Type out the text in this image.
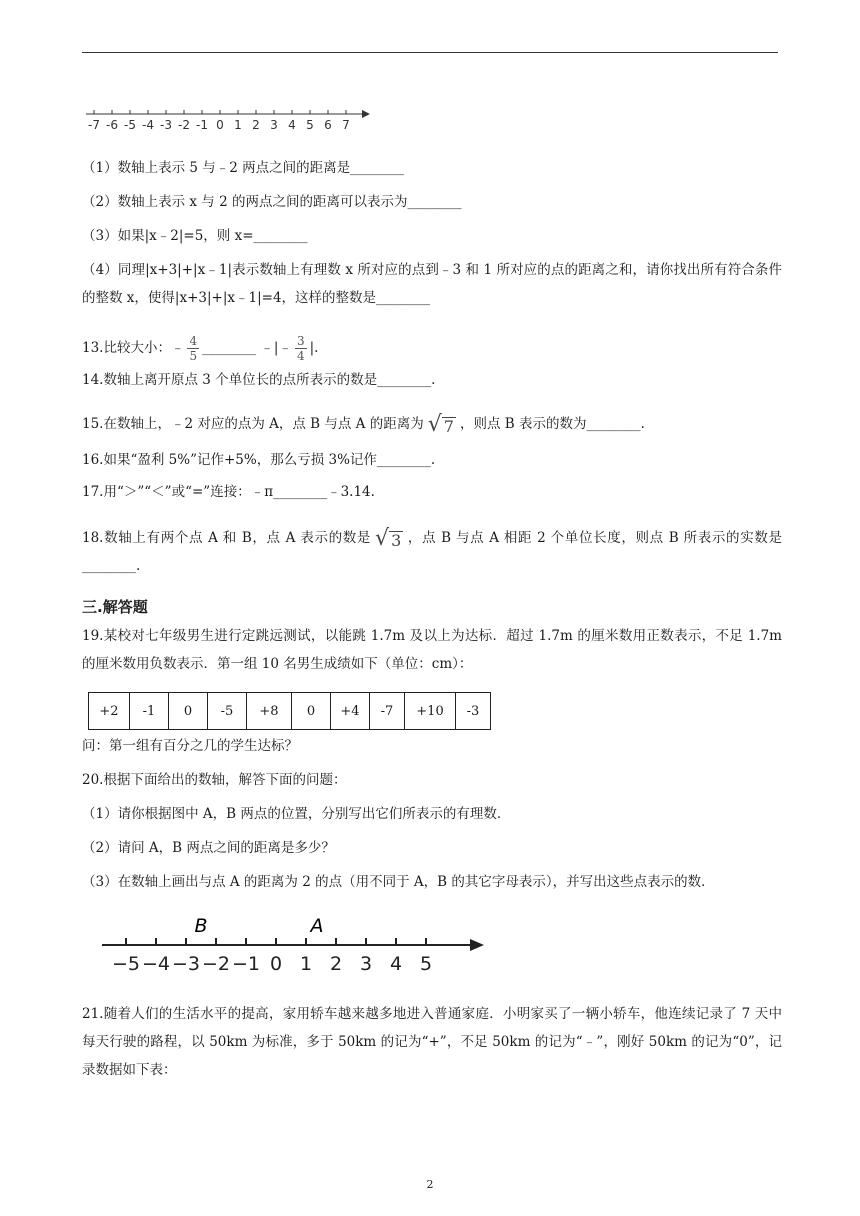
-7 -6 -5 -4 -3 -2 -1 0 1 2 3 4 5 6 7
（1）数轴上表示 5 与﹣2 两点之间的距离是________
（2）数轴上表示 x 与 2 的两点之间的距离可以表示为________
（3）如果|x﹣2|=5，则 x=________
（4）同理|x+3|+|x﹣1|表示数轴上有理数 x 所对应的点到﹣3 和 1 所对应的点的距离之和，请你找出所有符合条件的整数 x，使得|x+3|+|x﹣1|=4，这样的整数是________
13.比较大小：﹣ $\frac{4}{5}$ ________ ﹣|﹣ $\frac{3}{4}$ |.
14.数轴上离开原点 3 个单位长的点所表示的数是________.
15.在数轴上，﹣2 对应的点为 A，点 B 与点 A 的距离为 √ 7 ，则点 B 表示的数为________.
16.如果“盈利 5%”记作+5%，那么亏损 3%记作________.
17.用“＞”“＜”或“=”连接：﹣π________﹣3.14.
18.数轴上有两个点 A 和 B，点 A 表示的数是 √ 3 ，点 B 与点 A 相距 2 个单位长度，则点 B 所表示的实数是________.
三.解答题
19.某校对七年级男生进行定跳远测试，以能跳 1.7m 及以上为达标．超过 1.7m 的厘米数用正数表示，不足 1.7m 的厘米数用负数表示．第一组 10 名男生成绩如下（单位：cm）：
+2	-1	0	-5	+8	0	+4	-7	+10	-3
问：第一组有百分之几的学生达标？
20.根据下面给出的数轴，解答下面的问题：
（1）请你根据图中 A，B 两点的位置，分别写出它们所表示的有理数．
（2）请问 A，B 两点之间的距离是多少？
（3）在数轴上画出与点 A 的距离为 2 的点（用不同于 A，B 的其它字母表示），并写出这些点表示的数．
−5 −4 −3 −2 −1 0 1 2 3 4 5
B	A
21.随着人们的生活水平的提高，家用轿车越来越多地进入普通家庭．小明家买了一辆小轿车，他连续记录了 7 天中每天行驶的路程，以 50km 为标准，多于 50km 的记为“+”，不足 50km 的记为“﹣”，刚好 50km 的记为“0”，记录数据如下表：
2
